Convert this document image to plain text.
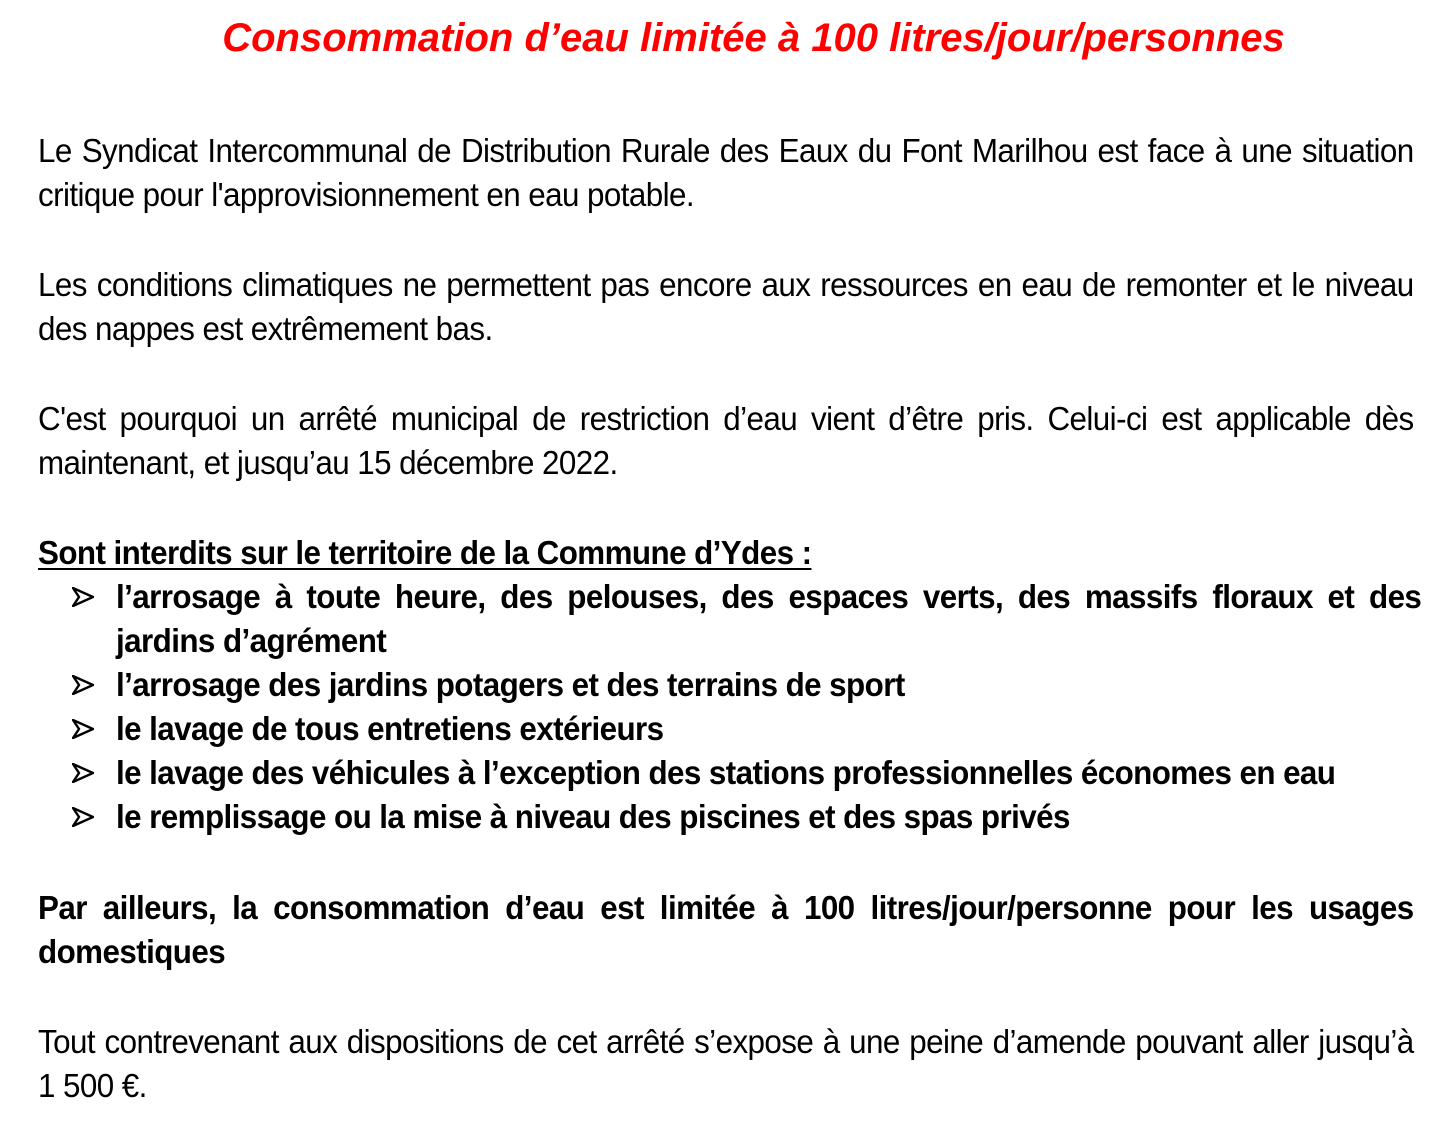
Consommation d’eau limitée à 100 litres/jour/personnes
Le Syndicat Intercommunal de Distribution Rurale des Eaux du Font Marilhou est face à une situation critique pour l'approvisionnement en eau potable.
Les conditions climatiques ne permettent pas encore aux ressources en eau de remonter et le niveau des nappes est extrêmement bas.
C'est pourquoi un arrêté municipal de restriction d’eau vient d’être pris. Celui-ci est applicable dès maintenant, et jusqu’au 15 décembre 2022.
Sont interdits sur le territoire de la Commune d’Ydes :
l’arrosage à toute heure, des pelouses, des espaces verts, des massifs floraux et des jardins d’agrément
l’arrosage des jardins potagers et des terrains de sport
le lavage de tous entretiens extérieurs
le lavage des véhicules à l’exception des stations professionnelles économes en eau
le remplissage ou la mise à niveau des piscines et des spas privés
Par ailleurs, la consommation d’eau est limitée à 100 litres/jour/personne pour les usages domestiques
Tout contrevenant aux dispositions de cet arrêté s’expose à une peine d’amende pouvant aller jusqu’à 1 500 €.
